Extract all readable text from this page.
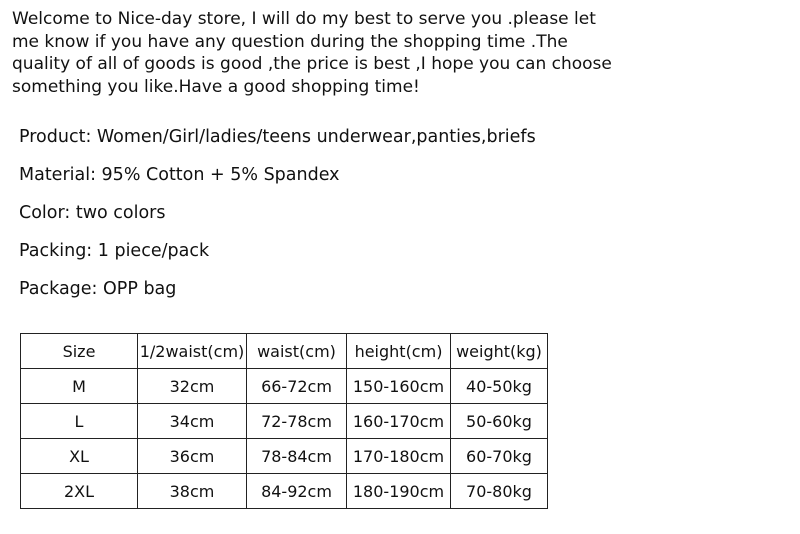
Welcome to Nice-day store, I will do my best to serve you .please let
me know if you have any question during the shopping time .The
quality of all of goods is good ,the price is best ,I hope you can choose
something you like.Have a good shopping time!
Product: Women/Girl/ladies/teens underwear,panties,briefs
Material: 95% Cotton + 5% Spandex
Color: two colors
Packing: 1 piece/pack
Package: OPP bag
Size	1/2waist(cm)	waist(cm)	height(cm)	weight(kg)
M	32cm	66-72cm	150-160cm	40-50kg
L	34cm	72-78cm	160-170cm	50-60kg
XL	36cm	78-84cm	170-180cm	60-70kg
2XL	38cm	84-92cm	180-190cm	70-80kg
